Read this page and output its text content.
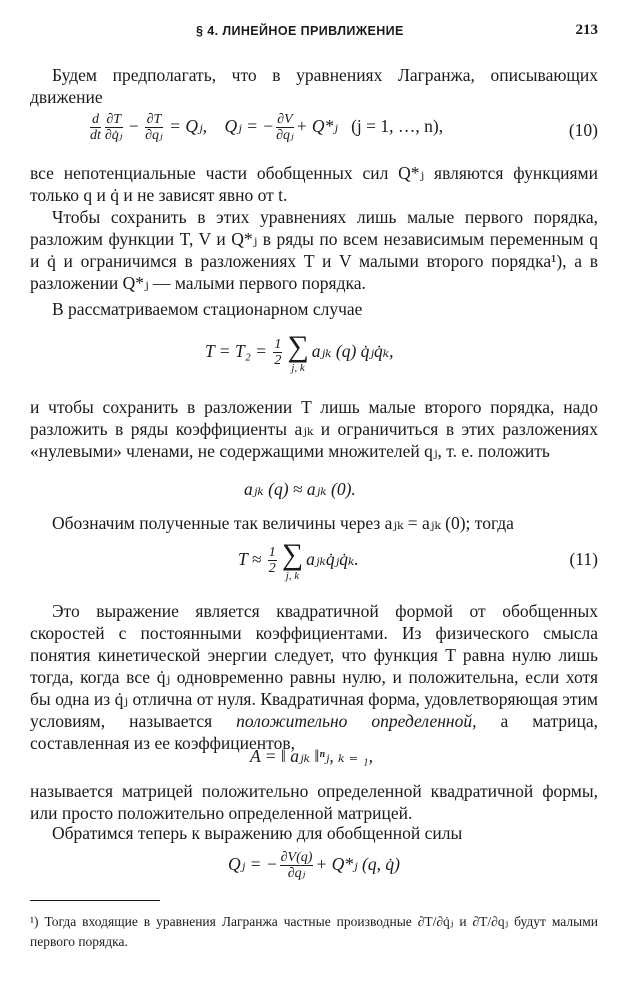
§ 4. ЛИНЕЙНОЕ ПРИВЛИЖЕНИЕ	213

Будем предполагать, что в уравнениях Лагранжа, описывающих движение

$\frac{d}{dt} \frac{\partial T}{\text{∂q̇ⱼ}} - \frac{\partial T}{\text{∂qⱼ}}$ = Qⱼ, Qⱼ = − $\frac{\partial V}{\text{∂qⱼ}}$ + Q*ⱼ (j = 1, …, n),	(10)

все непотенциальные части обобщенных сил Q*ⱼ являются функциями только q и q̇ и не зависят явно от t.

Чтобы сохранить в этих уравнениях лишь малые первого порядка, разложим функции T, V и Q*ⱼ в ряды по всем независимым переменным q и q̇ и ограничимся в разложениях T и V малыми второго порядка¹), а в разложении Q*ⱼ — малыми первого порядка.

В рассматриваемом стационарном случае

$T = T_2 = \frac{1}{2}$ ∑
j, k
aⱼₖ (q) q̇ⱼq̇ₖ,

и чтобы сохранить в разложении T лишь малые второго порядка, надо разложить в ряды коэффициенты aⱼₖ и ограничиться в этих разложениях «нулевыми» членами, не содержащими множителей qⱼ, т. е. положить

aⱼₖ (q) ≈ aⱼₖ (0).

Обозначим полученные так величины через aⱼₖ = aⱼₖ (0); тогда

$T \approx \frac{1}{2}$ ∑
j, k
aⱼₖq̇ⱼq̇ₖ.	(11)

Это выражение является квадратичной формой от обобщенных скоростей с постоянными коэффициентами. Из физического смысла понятия кинетической энергии следует, что функция T равна нулю лишь тогда, когда все q̇ⱼ одновременно равны нулю, и положительна, если хотя бы одна из q̇ⱼ отлична от нуля. Квадратичная форма, удовлетворяющая этим условиям, называется положительно определенной, а матрица, составленная из ее коэффициентов,

A = ‖ aⱼₖ ‖ⁿⱼ, ₖ ₌ ₁,

называется матрицей положительно определенной квадратичной формы, или просто положительно определенной матрицей.

Обратимся теперь к выражению для обобщенной силы

Qⱼ = − $\frac{\partial V(q)}{\text{∂qⱼ}}$ + Q*ⱼ (q, q̇)
¹) Тогда входящие в уравнения Лагранжа частные производные ∂T/∂q̇ⱼ и ∂T/∂qⱼ будут малыми первого порядка.
